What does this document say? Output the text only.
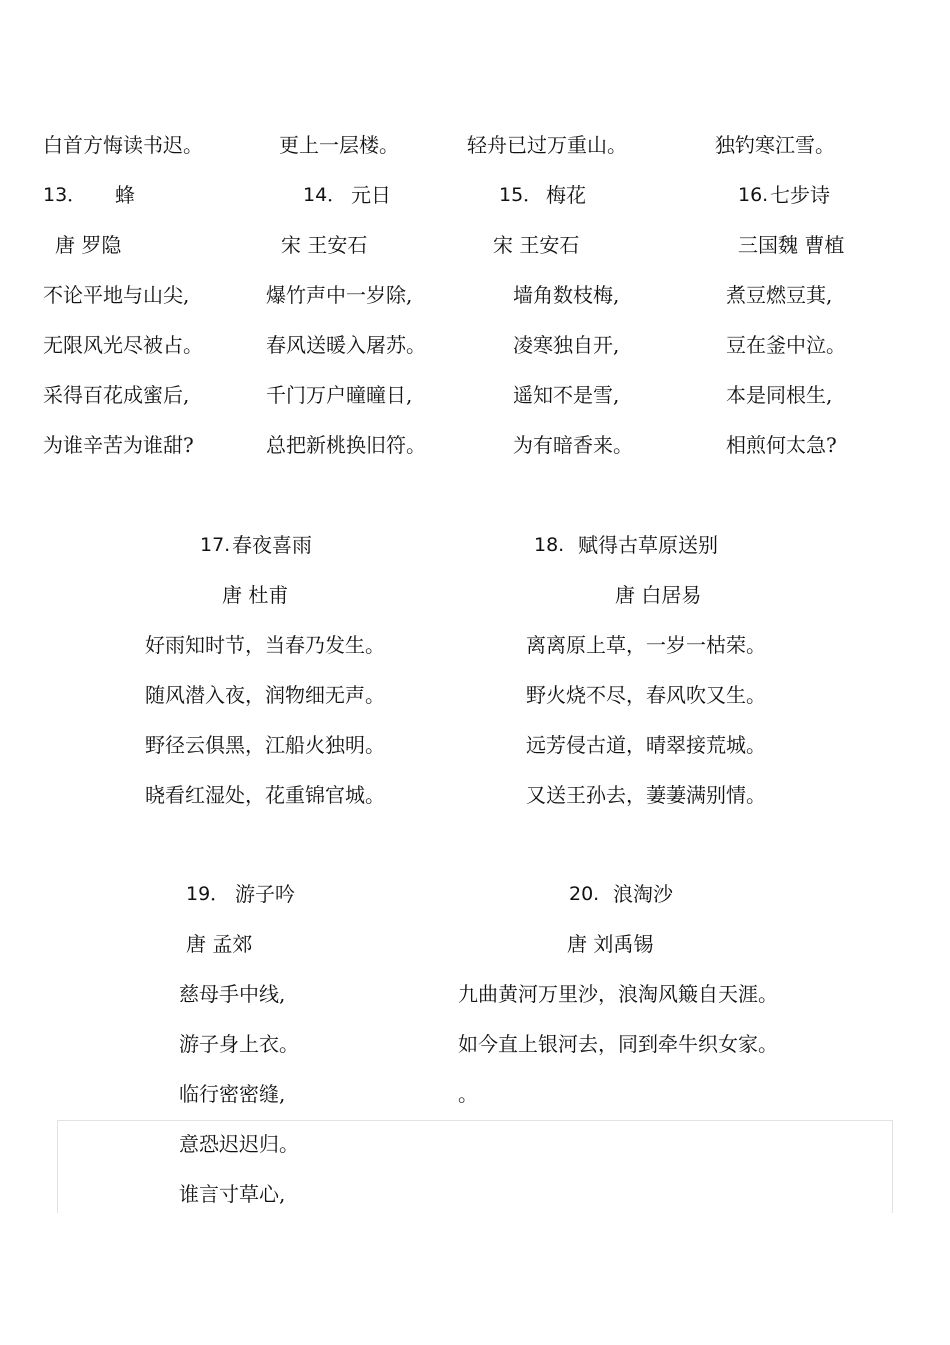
白首方悔读书迟。	更上一层楼。	轻舟已过万重山。	独钓寒江雪。
13． 蜂
唐 罗隐
不论平地与山尖,
无限风光尽被占。
采得百花成蜜后,
为谁辛苦为谁甜?
14． 元日
宋 王安石
爆竹声中一岁除,
春风送暖入屠苏。
千门万户曈曈日,
总把新桃换旧符。
15． 梅花
宋 王安石
墙角数枝梅,
凌寒独自开,
遥知不是雪,
为有暗香来。
16. 七步诗
三国魏 曹植
煮豆燃豆萁,
豆在釜中泣。
本是同根生,
相煎何太急?
17. 春夜喜雨
唐 杜甫
好雨知时节，当春乃发生。
随风潜入夜，润物细无声。
野径云俱黑，江船火独明。
晓看红湿处，花重锦官城。
18. 赋得古草原送别
唐 白居易
离离原上草，一岁一枯荣。
野火烧不尽，春风吹又生。
远芳侵古道，晴翠接荒城。
又送王孙去，萋萋满别情。
19． 游子吟
唐 孟郊
慈母手中线,
游子身上衣。
临行密密缝,
意恐迟迟归。
谁言寸草心,
20. 浪淘沙
唐 刘禹锡
九曲黄河万里沙，浪淘风簸自天涯。
如今直上银河去，同到牵牛织女家。
。
